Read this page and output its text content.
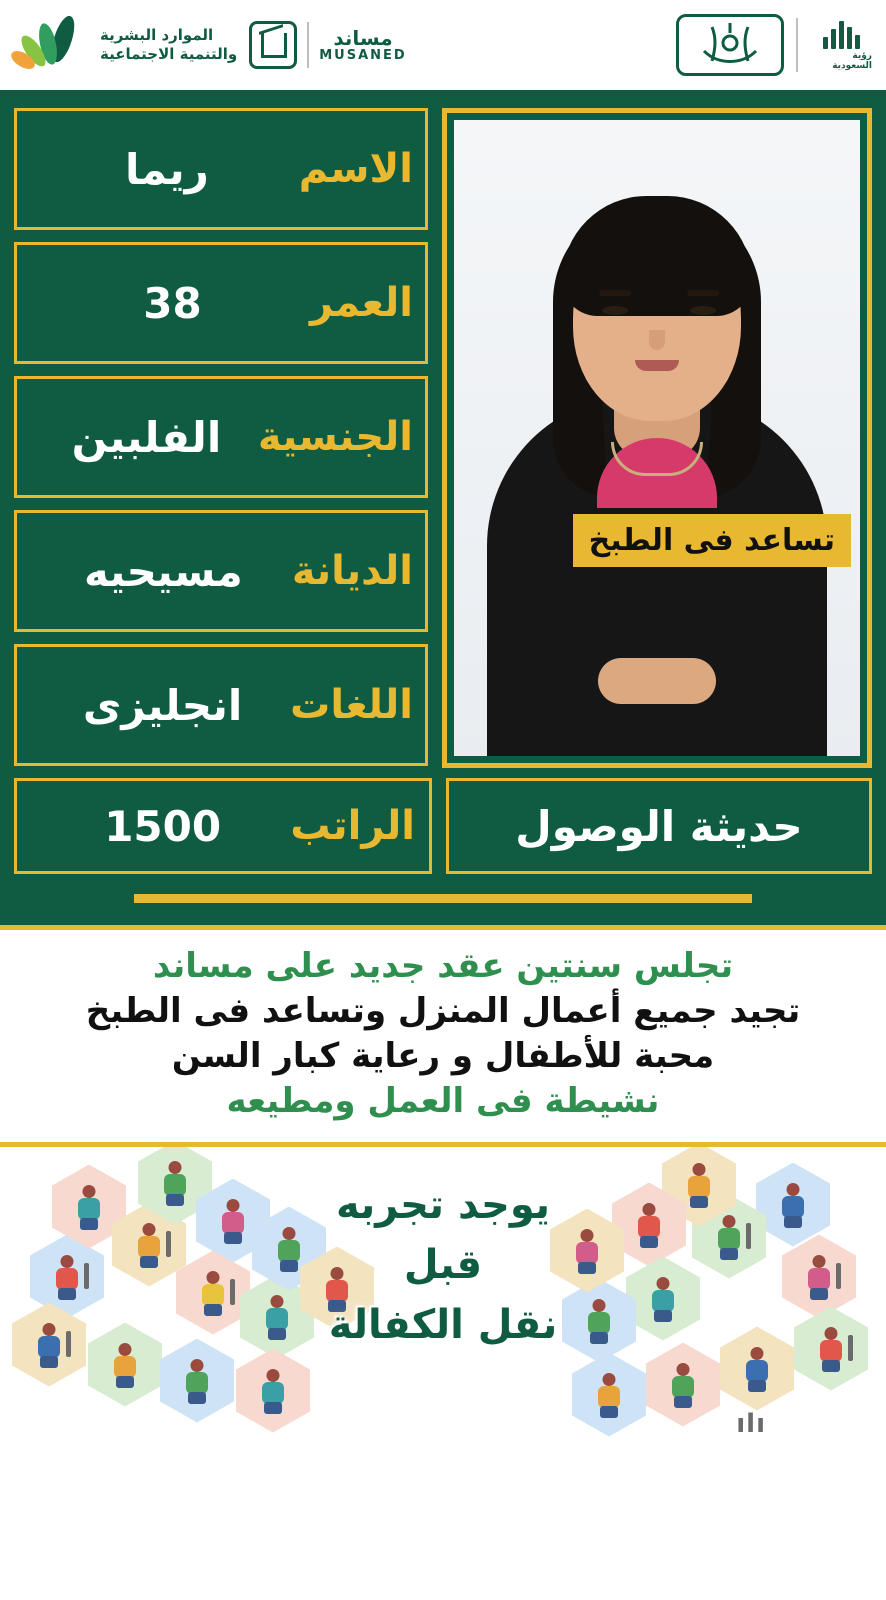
رؤية السعودية
مساند
MUSANED
الموارد البشرية
والتنمية الاجتماعية
تساعد فى الطبخ
الاسم
ريما
العمر
38
الجنسية
الفلبين
الديانة
مسيحيه
اللغات
انجليزى
حديثة الوصول
الراتب
1500
تجلس سنتين عقد جديد على مساند
تجيد جميع أعمال المنزل وتساعد فى الطبخ
محبة للأطفال و رعاية كبار السن
نشيطة فى العمل ومطيعه
يوجد تجربه
قبل
نقل الكفالة
ılı
